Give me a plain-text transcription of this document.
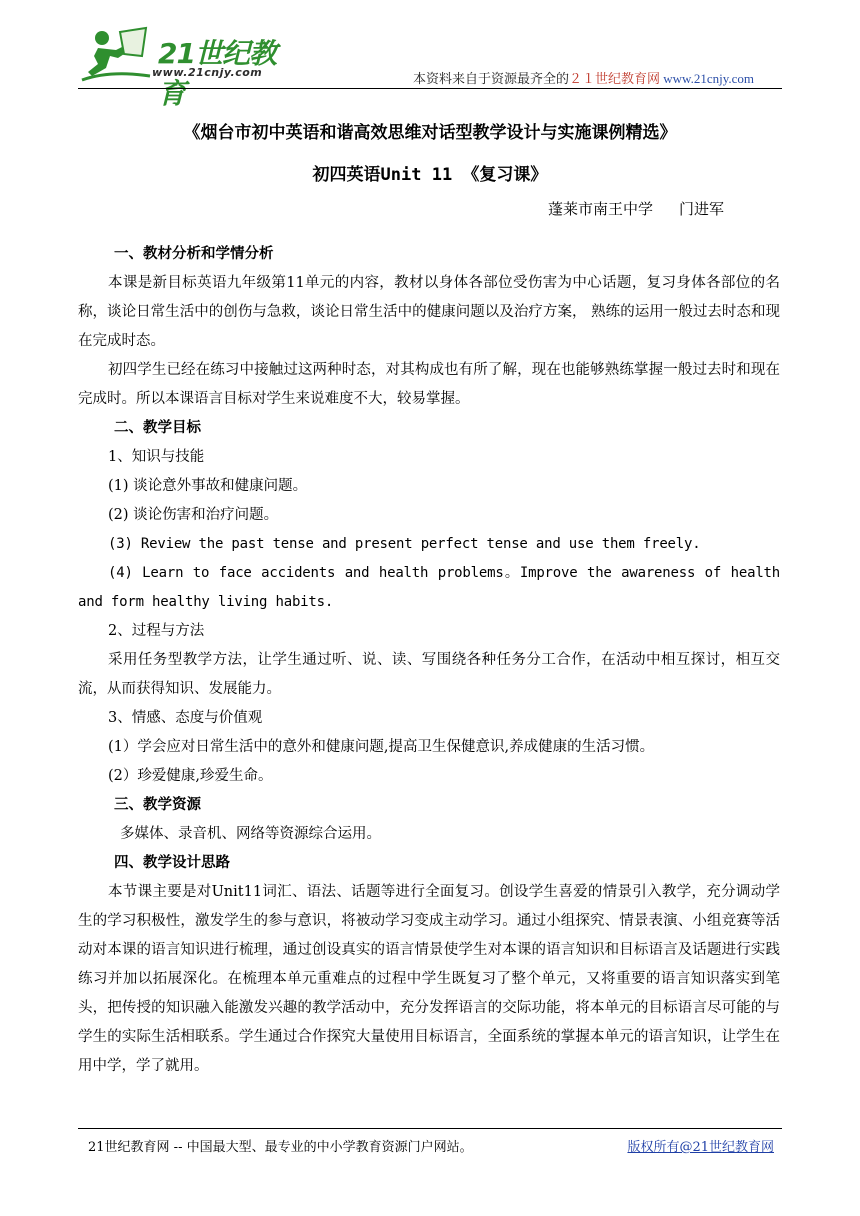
21世纪教育
www.21cnjy.com	本资料来自于资源最齐全的２１世纪教育网 www.21cnjy.com
《烟台市初中英语和谐高效思维对话型教学设计与实施课例精选》
初四英语Unit 11 《复习课》
蓬莱市南王中学 门进军

一、教材分析和学情分析

本课是新目标英语九年级第11单元的内容，教材以身体各部位受伤害为中心话题，复习身体各部位的名称，谈论日常生活中的创伤与急救，谈论日常生活中的健康问题以及治疗方案， 熟练的运用一般过去时态和现在完成时态。

初四学生已经在练习中接触过这两种时态，对其构成也有所了解，现在也能够熟练掌握一般过去时和现在完成时。所以本课语言目标对学生来说难度不大，较易掌握。

二、教学目标

1、知识与技能

(1) 谈论意外事故和健康问题。

(2) 谈论伤害和治疗问题。

(3) Review the past tense and present perfect tense and use them freely.

(4) Learn to face accidents and health problems。Improve the awareness of health and form healthy living habits.

2、过程与方法

采用任务型教学方法，让学生通过听、说、读、写围绕各种任务分工合作，在活动中相互探讨，相互交流，从而获得知识、发展能力。

3、情感、态度与价值观

(1）学会应对日常生活中的意外和健康问题,提高卫生保健意识,养成健康的生活习惯。

(2）珍爱健康,珍爱生命。

三、教学资源

多媒体、录音机、网络等资源综合运用。

四、教学设计思路

本节课主要是对Unit11词汇、语法、话题等进行全面复习。创设学生喜爱的情景引入教学，充分调动学生的学习积极性，激发学生的参与意识，将被动学习变成主动学习。通过小组探究、情景表演、小组竞赛等活动对本课的语言知识进行梳理，通过创设真实的语言情景使学生对本课的语言知识和目标语言及话题进行实践练习并加以拓展深化。在梳理本单元重难点的过程中学生既复习了整个单元，又将重要的语言知识落实到笔头，把传授的知识融入能激发兴趣的教学活动中，充分发挥语言的交际功能，将本单元的目标语言尽可能的与学生的实际生活相联系。学生通过合作探究大量使用目标语言，全面系统的掌握本单元的语言知识，让学生在用中学，学了就用。

21世纪教育网 -- 中国最大型、最专业的中小学教育资源门户网站。	版权所有@21世纪教育网
